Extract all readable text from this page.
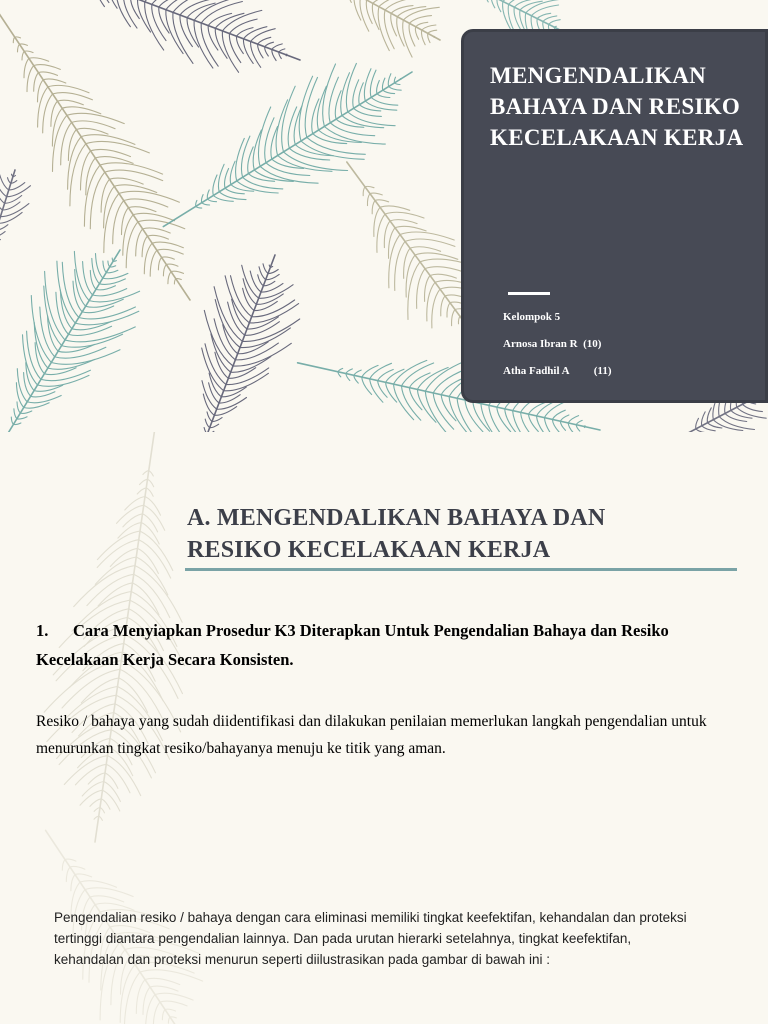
MENGENDALIKAN BAHAYA DAN RESIKO KECELAKAAN KERJA
Kelompok 5
Arnosa Ibran R  (10)
Atha Fadhil A         (11)
A. MENGENDALIKAN BAHAYA DAN
RESIKO KECELAKAAN KERJA

1. Cara Menyiapkan Prosedur K3 Diterapkan Untuk Pengendalian Bahaya dan Resiko Kecelakaan Kerja Secara Konsisten.

Resiko / bahaya yang sudah diidentifikasi dan dilakukan penilaian memerlukan langkah pengendalian untuk menurunkan tingkat resiko/bahayanya menuju ke titik yang aman.

Pengendalian resiko / bahaya dengan cara eliminasi memiliki tingkat keefektifan, kehandalan dan proteksi tertinggi diantara pengendalian lainnya. Dan pada urutan hierarki setelahnya, tingkat keefektifan, kehandalan dan proteksi menurun seperti diilustrasikan pada gambar di bawah ini :
